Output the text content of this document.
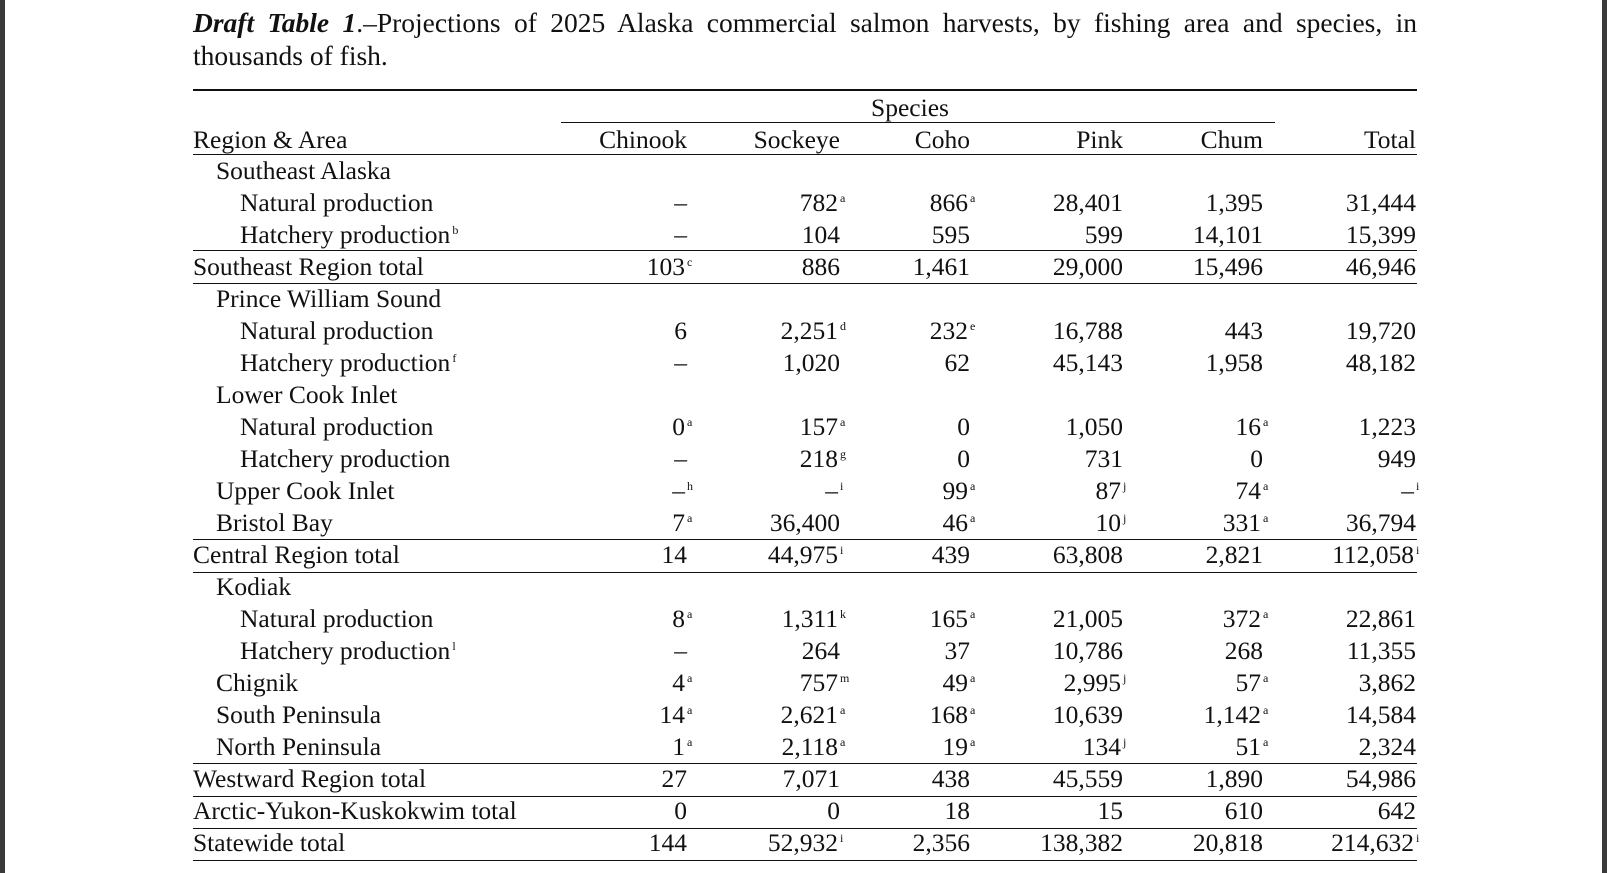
Draft Table 1.–Projections of 2025 Alaska commercial salmon harvests, by fishing area and species, in thousands of fish.
Species
Region & Area	Chinook	Sockeye	Coho	Pink	Chum	Total
Southeast Alaska
Natural production	–	782 a	866 a	28,401	1,395	31,444
Hatchery production b	–	104	595	599	14,101	15,399
Southeast Region total	103c	886	1,461	29,000	15,496	46,946
Prince William Sound
Natural production	6	2,251 d	232 e	16,788	443	19,720
Hatchery production f	–	1,020	62	45,143	1,958	48,182
Lower Cook Inlet
Natural production	0 a	157 a	0	1,050	16 a	1,223
Hatchery production	–	218 g	0	731	0	949
Upper Cook Inlet	– h	– i	99 a	87 j	74 a	– i
Bristol Bay	7 a	36,400	46 a	10 j	331 a	36,794
Central Region total	14	44,975 i	439	63,808	2,821	112,058 i
Kodiak
Natural production	8 a	1,311 k	165 a	21,005	372 a	22,861
Hatchery production l	–	264	37	10,786	268	11,355
Chignik	4 a	757 m	49 a	2,995 j	57 a	3,862
South Peninsula	14 a	2,621 a	168 a	10,639	1,142 a	14,584
North Peninsula	1 a	2,118 a	19 a	134 j	51 a	2,324
Westward Region total	27	7,071	438	45,559	1,890	54,986
Arctic-Yukon-Kuskokwim total	0	0	18	15	610	642
Statewide total	144	52,932 i	2,356	138,382	20,818	214,632 i
